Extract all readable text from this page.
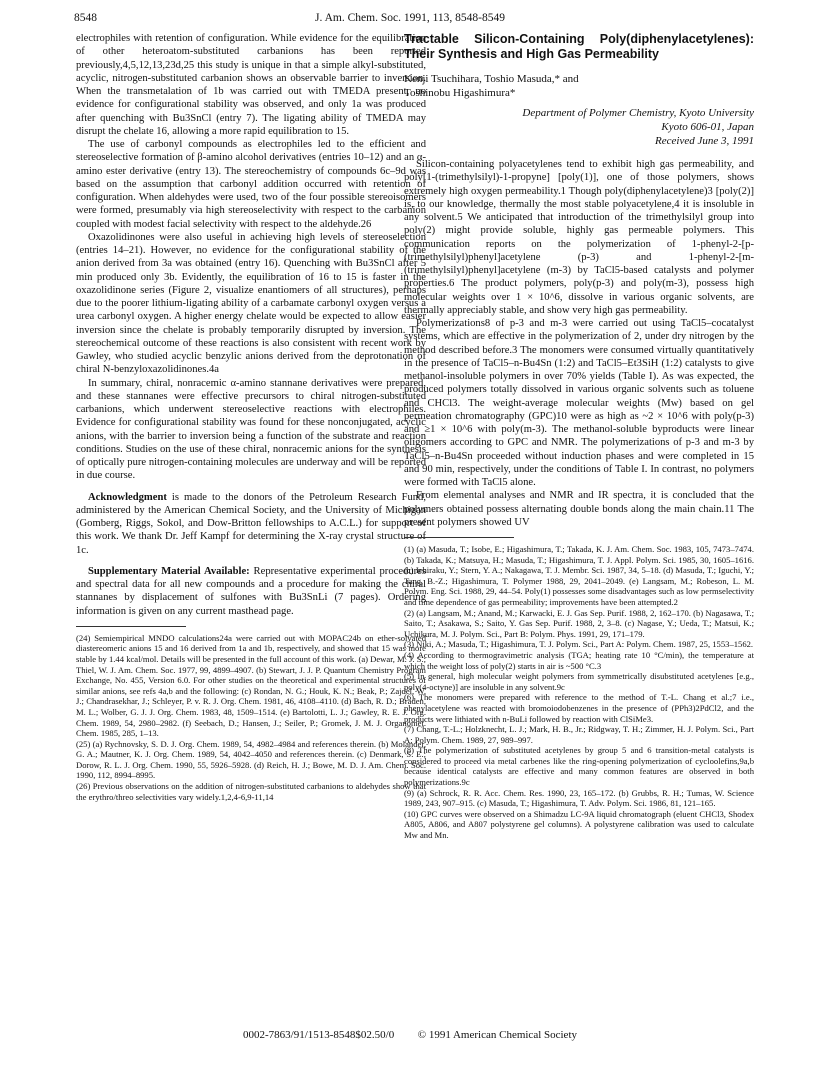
8548	J. Am. Chem. Soc. 1991, 113, 8548-8549

electrophiles with retention of configuration. While evidence for the equilibration of other heteroatom-substituted carbanions has been reported previously,4,5,12,13,23d,25 this study is unique in that a simple alkyl-substituted, acyclic, nitrogen-substituted carbanion shows an observable barrier to inversion. When the transmetalation of 1b was carried out with TMEDA present, no evidence for configurational stability was observed, and only 1a was produced after quenching with Bu3SnCl (entry 7). The ligating ability of TMEDA may disrupt the chelate 16, allowing a more rapid equilibration to 15.

The use of carbonyl compounds as electrophiles led to the efficient and stereoselective formation of β-amino alcohol derivatives (entries 10–12) and an α-amino ester derivative (entry 13). The stereochemistry of compounds 6c–9d was based on the assumption that carbonyl addition occurred with retention of configuration. When aldehydes were used, two of the four possible stereoisomers were formed, presumably via high stereoselectivity with respect to the carbanion coupled with modest facial selectivity with respect to the aldehyde.26

Oxazolidinones were also useful in achieving high levels of stereoselection (entries 14–21). However, no evidence for the configurational stability of the anion derived from 3a was obtained (entry 16). Quenching with Bu3SnCl after 5 min produced only 3b. Evidently, the equilibration of 16 to 15 is faster in the oxazolidinone series (Figure 2, visualize enantiomers of all structures), perhaps due to the poorer lithium-ligating ability of a carbamate carbonyl oxygen versus a urea carbonyl oxygen. A higher energy chelate would be expected to allow easier inversion since the chelate is probably temporarily disrupted by inversion. The stereochemical outcome of these reactions is also consistent with recent work by Gawley, who studied acyclic benzylic anions derived from the deprotonation of chiral N-benzyloxazolidinones.4a

In summary, chiral, nonracemic α-amino stannane derivatives were prepared, and these stannanes were effective precursors to chiral nitrogen-substituted carbanions, which underwent stereoselective reactions with electrophiles. Evidence for configurational stability was found for these nonconjugated, acyclic anions, with the barrier to inversion being a function of the substrate and reaction conditions. Studies on the use of these chiral, nonracemic anions for the synthesis of optically pure nitrogen-containing molecules are underway and will be reported in due course.

Acknowledgment is made to the donors of the Petroleum Research Fund, administered by the American Chemical Society, and the University of Michigan (Gomberg, Riggs, Sokol, and Dow-Britton fellowships to A.C.L.) for support of this work. We thank Dr. Jeff Kampf for determining the X-ray crystal structure of 1c.

Supplementary Material Available: Representative experimental procedures and spectral data for all new compounds and a procedure for making the chiral stannanes by displacement of sulfones with Bu3SnLi (7 pages). Ordering information is given on any current masthead page.

(24) Semiempirical MNDO calculations24a were carried out with MOPAC24b on ether-solvated diastereomeric anions 15 and 16 derived from 1a and 1b, respectively, and showed that 15 was more stable by 1.44 kcal/mol. Details will be presented in the full account of this work. (a) Dewar, M. J. S.; Thiel, W. J. Am. Chem. Soc. 1977, 99, 4899–4907. (b) Stewart, J. J. P. Quantum Chemistry Program Exchange, No. 455, Version 6.0. For other studies on the theoretical and experimental structures of similar anions, see refs 4a,b and the following: (c) Rondan, N. G.; Houk, K. N.; Beak, P.; Zajdel, W. J.; Chandrasekhar, J.; Schleyer, P. v. R. J. Org. Chem. 1981, 46, 4108–4110. (d) Bach, R. D.; Braden, M. L.; Wolber, G. J. J. Org. Chem. 1983, 48, 1509–1514. (e) Bartolotti, L. J.; Gawley, R. E. J. Org. Chem. 1989, 54, 2980–2982. (f) Seebach, D.; Hansen, J.; Seiler, P.; Gromek, J. M. J. Organomet. Chem. 1985, 285, 1–13.

(25) (a) Rychnovsky, S. D. J. Org. Chem. 1989, 54, 4982–4984 and references therein. (b) Molander, G. A.; Mautner, K. J. Org. Chem. 1989, 54, 4042–4050 and references therein. (c) Denmark, S. E.; Dorow, R. L. J. Org. Chem. 1990, 55, 5926–5928. (d) Reich, H. J.; Bowe, M. D. J. Am. Chem. Soc. 1990, 112, 8994–8995.

(26) Previous observations on the addition of nitrogen-substituted carbanions to aldehydes show that the erythro/threo selectivities vary widely.1,2,4-6,9-11,14

Tractable Silicon-Containing Poly(diphenylacetylenes): Their Synthesis and High Gas Permeability

Kenji Tsuchihara, Toshio Masuda,* and
Toshinobu Higashimura*
Department of Polymer Chemistry, Kyoto University
Kyoto 606-01, Japan
Received June 3, 1991

Silicon-containing polyacetylenes tend to exhibit high gas permeability, and poly[1-(trimethylsilyl)-1-propyne] [poly(1)], one of those polymers, shows extremely high oxygen permeability.1 Though poly(diphenylacetylene)3 [poly(2)] is, to our knowledge, thermally the most stable polyacetylene,4 it is insoluble in any solvent.5 We anticipated that introduction of the trimethylsilyl group into poly(2) might provide soluble, highly gas permeable polymers. This communication reports on the polymerization of 1-phenyl-2-[p-(trimethylsilyl)phenyl]acetylene (p-3) and 1-phenyl-2-[m-(trimethylsilyl)phenyl]acetylene (m-3) by TaCl5-based catalysts and polymer properties.6 The product polymers, poly(p-3) and poly(m-3), possess high molecular weights over 1 × 10^6, dissolve in various organic solvents, are thermally appreciably stable, and show very high gas permeability.

Polymerizations8 of p-3 and m-3 were carried out using TaCl5–cocatalyst systems, which are effective in the polymerization of 2, under dry nitrogen by the method described before.3 The monomers were consumed virtually quantitatively in the presence of TaCl5–n-Bu4Sn (1:2) and TaCl5–Et3SiH (1:2) catalysts to give methanol-insoluble polymers in over 70% yields (Table I). As was expected, the produced polymers totally dissolved in various organic solvents such as toluene and CHCl3. The weight-average molecular weights (Mw) based on gel permeation chromatography (GPC)10 were as high as ~2 × 10^6 with poly(p-3) and ≥1 × 10^6 with poly(m-3). The methanol-soluble byproducts were linear oligomers according to GPC and NMR. The polymerizations of p-3 and m-3 by TaCl5–n-Bu4Sn proceeded without induction phases and were completed in 15 and 90 min, respectively, under the conditions of Table I. In contrast, no polymers were formed with TaCl5 alone.

From elemental analyses and NMR and IR spectra, it is concluded that the polymers obtained possess alternating double bonds along the main chain.11 The present polymers showed UV

(1) (a) Masuda, T.; Isobe, E.; Higashimura, T.; Takada, K. J. Am. Chem. Soc. 1983, 105, 7473–7474. (b) Takada, K.; Matsuya, H.; Masuda, T.; Higashimura, T. J. Appl. Polym. Sci. 1985, 30, 1605–1616. (c) Ichiraku, Y.; Stern, Y. A.; Nakagawa, T. J. Membr. Sci. 1987, 34, 5–18. (d) Masuda, T.; Iguchi, Y.; Tang, B.-Z.; Higashimura, T. Polymer 1988, 29, 2041–2049. (e) Langsam, M.; Robeson, L. M. Polym. Eng. Sci. 1988, 29, 44–54. Poly(1) possesses some disadvantages such as low permselectivity and time dependence of gas permeability; improvements have been attempted.2

(2) (a) Langsam, M.; Anand, M.; Karwacki, E. J. Gas Sep. Purif. 1988, 2, 162–170. (b) Nagasawa, T.; Saito, T.; Asakawa, S.; Saito, Y. Gas Sep. Purif. 1988, 2, 3–8. (c) Nagase, Y.; Ueda, T.; Matsui, K.; Uchikura, M. J. Polym. Sci., Part B: Polym. Phys. 1991, 29, 171–179.

(3) Niki, A.; Masuda, T.; Higashimura, T. J. Polym. Sci., Part A: Polym. Chem. 1987, 25, 1553–1562.

(4) According to thermogravimetric analysis (TGA; heating rate 10 °C/min), the temperature at which the weight loss of poly(2) starts in air is ~500 °C.3

(5) In general, high molecular weight polymers from symmetrically disubstituted acetylenes [e.g., poly(4-octyne)] are insoluble in any solvent.9c

(6) The monomers were prepared with reference to the method of T.-L. Chang et al.;7 i.e., phenylacetylene was reacted with bromoiodobenzenes in the presence of (PPh3)2PdCl2, and the products were lithiated with n-BuLi followed by reaction with ClSiMe3.

(7) Chang, T.-L.; Holzknecht, L. J.; Mark, H. B., Jr.; Ridgway, T. H.; Zimmer, H. J. Polym. Sci., Part A: Polym. Chem. 1989, 27, 989–997.

(8) The polymerization of substituted acetylenes by group 5 and 6 transition-metal catalysts is considered to proceed via metal carbenes like the ring-opening polymerization of cycloolefins,9a,b because identical catalysts are effective and many common features are observed in both polymerizations.9c

(9) (a) Schrock, R. R. Acc. Chem. Res. 1990, 23, 165–172. (b) Grubbs, R. H.; Tumas, W. Science 1989, 243, 907–915. (c) Masuda, T.; Higashimura, T. Adv. Polym. Sci. 1986, 81, 121–165.

(10) GPC curves were observed on a Shimadzu LC-9A liquid chromatograph (eluent CHCl3, Shodex A805, A806, and A807 polystyrene gel columns). A polystyrene calibration was used to calculate Mw and Mn.

0002-7863/91/1513-8548$02.50/0 © 1991 American Chemical Society
